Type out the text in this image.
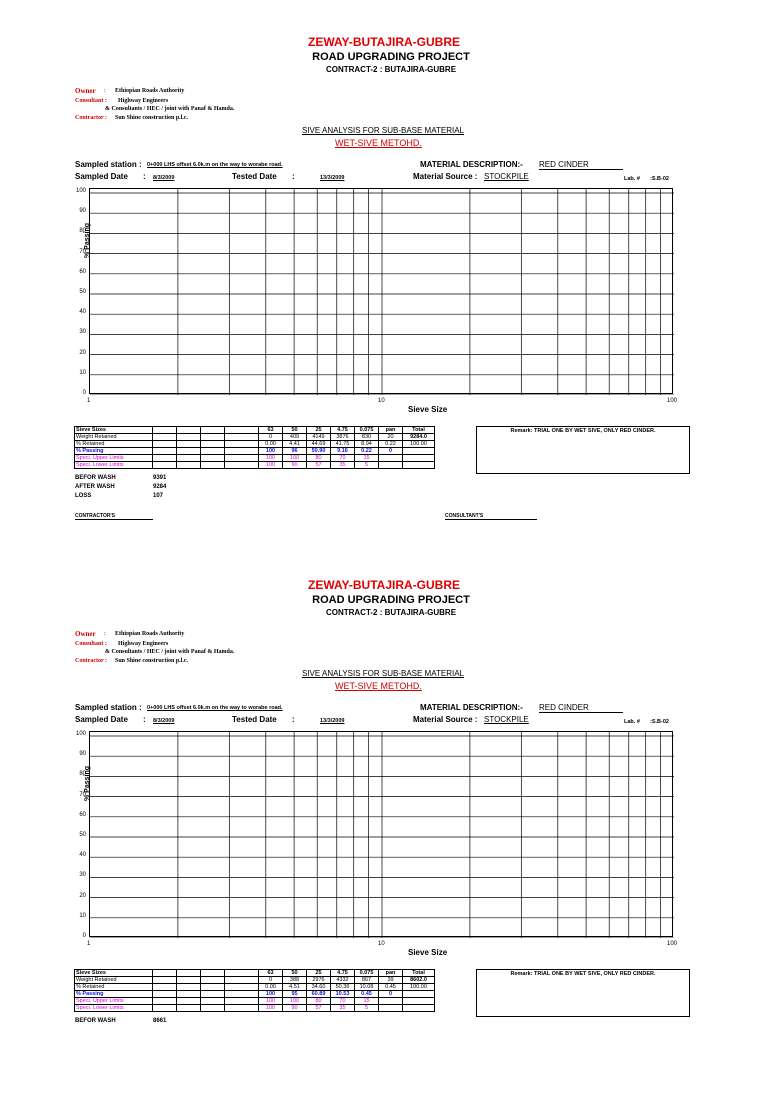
ZEWAY-BUTAJIRA-GUBRE
ROAD UPGRADING PROJECT
CONTRACT-2 : BUTAJIRA-GUBRE
Owner : Ethiopian Roads Authority
Consultant : Highway Engineers
& Consultants / HEC / joint with Panaf & Hamda.
Contractor : Sun Shine construction p.l.c.
SIVE ANALYSIS FOR SUB-BASE MATERIAL
WET-SIVE METOHD.
Sampled station : 0+000 LHS offset 6.0k.m on the way to worabe road.	MATERIAL DESCRIPTION:- RED CINDER
Sampled Date : 8/3/2009	Tested Date :	13/3/2009	Material Source : STOCKPILE	Lab. # :S.B-02
1	10	100
Sieve Size
% Passing
100
90
80
70
60
50
40
30
20
10
0
Sieve Sizes					63	50	25	4.75	0.075	pan	Total
Weight Retained					0	409	4149	3876	830	20	9284.0
% Retained					0.00	4.41	44.69	41.75	8.94	0.22	100.00
% Passing					100	96	50.90	9.16	0.22	0	
Speci. Upper Limits					100	100	80	70	15		
Speci. Lower Limits					100	90	57	35	5		
Remark: TRIAL ONE BY WET SIVE, ONLY RED CINDER.
BEFOR WASH	9391
AFTER WASH	9284
LOSS	107
CONTRACTOR'S	CONSULTANT'S
ZEWAY-BUTAJIRA-GUBRE
ROAD UPGRADING PROJECT
CONTRACT-2 : BUTAJIRA-GUBRE
Owner : Ethiopian Roads Authority
Consultant : Highway Engineers
& Consultants / HEC / joint with Panaf & Hamda.
Contractor : Sun Shine construction p.l.c.
SIVE ANALYSIS FOR SUB-BASE MATERIAL
WET-SIVE METOHD.
Sampled station : 0+000 LHS offset 6.0k.m on the way to worabe road.	MATERIAL DESCRIPTION:- RED CINDER
Sampled Date : 8/3/2009	Tested Date :	13/3/2009	Material Source : STOCKPILE	Lab. # :S.B-02
1	10	100
Sieve Size
% Passing
100
90
80
70
60
50
40
30
20
10
0
Sieve Sizes					63	50	25	4.75	0.075	pan	Total
Weight Retained					0	388	2976	4332	867	39	8602.0
% Retained					0.00	4.51	34.60	50.36	10.08	0.45	100.00
% Passing					100	95	60.89	10.53	0.45	0	
Speci. Upper Limits					100	100	80	70	15		
Speci. Lower Limits					100	90	57	35	5		
Remark: TRIAL ONE BY WET SIVE, ONLY RED CINDER.
BEFOR WASH	8661
